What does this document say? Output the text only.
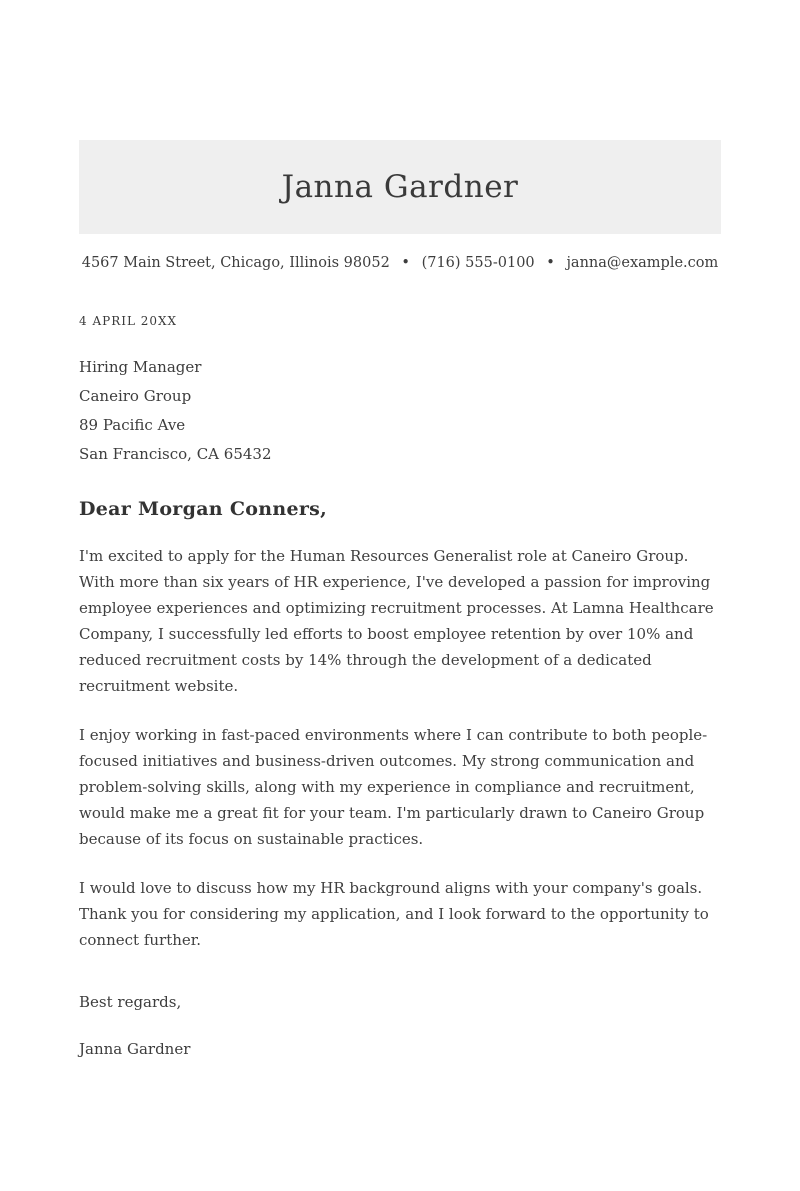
Janna Gardner
4567 Main Street, Chicago, Illinois 98052 • (716) 555-0100 • janna@example.com
4 APRIL 20XX
Hiring Manager
Caneiro Group
89 Pacific Ave
San Francisco, CA 65432
Dear Morgan Conners,

I'm excited to apply for the Human Resources Generalist role at Caneiro Group. With more than six years of HR experience, I've developed a passion for improving employee experiences and optimizing recruitment processes. At Lamna Healthcare Company, I successfully led efforts to boost employee retention by over 10% and reduced recruitment costs by 14% through the development of a dedicated recruitment website.

I enjoy working in fast-paced environments where I can contribute to both people-focused initiatives and business-driven outcomes. My strong communication and problem-solving skills, along with my experience in compliance and recruitment, would make me a great fit for your team. I'm particularly drawn to Caneiro Group because of its focus on sustainable practices.

I would love to discuss how my HR background aligns with your company's goals. Thank you for considering my application, and I look forward to the opportunity to connect further.

Best regards,
Janna Gardner
